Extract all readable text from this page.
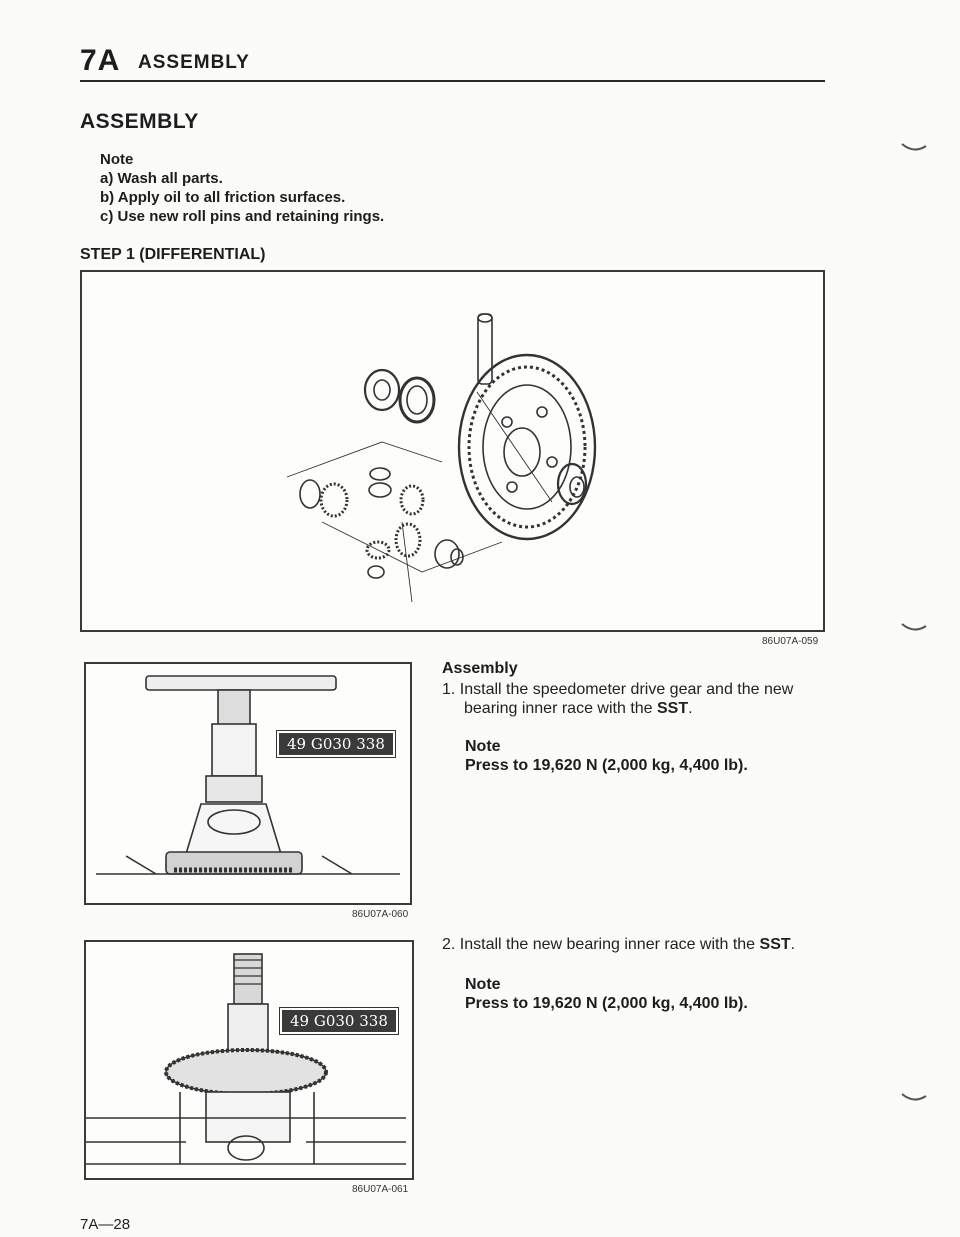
7A ASSEMBLY
ASSEMBLY
Note
a) Wash all parts.
b) Apply oil to all friction surfaces.
c) Use new roll pins and retaining rings.
STEP 1 (DIFFERENTIAL)
86U07A-059
49 G030 338
86U07A-060
49 G030 338
86U07A-061
Assembly
1. Install the speedometer drive gear and the new
bearing inner race with the SST.
Note
Press to 19,620 N (2,000 kg, 4,400 lb).
2. Install the new bearing inner race with the SST.
Note
Press to 19,620 N (2,000 kg, 4,400 lb).
7A—28
